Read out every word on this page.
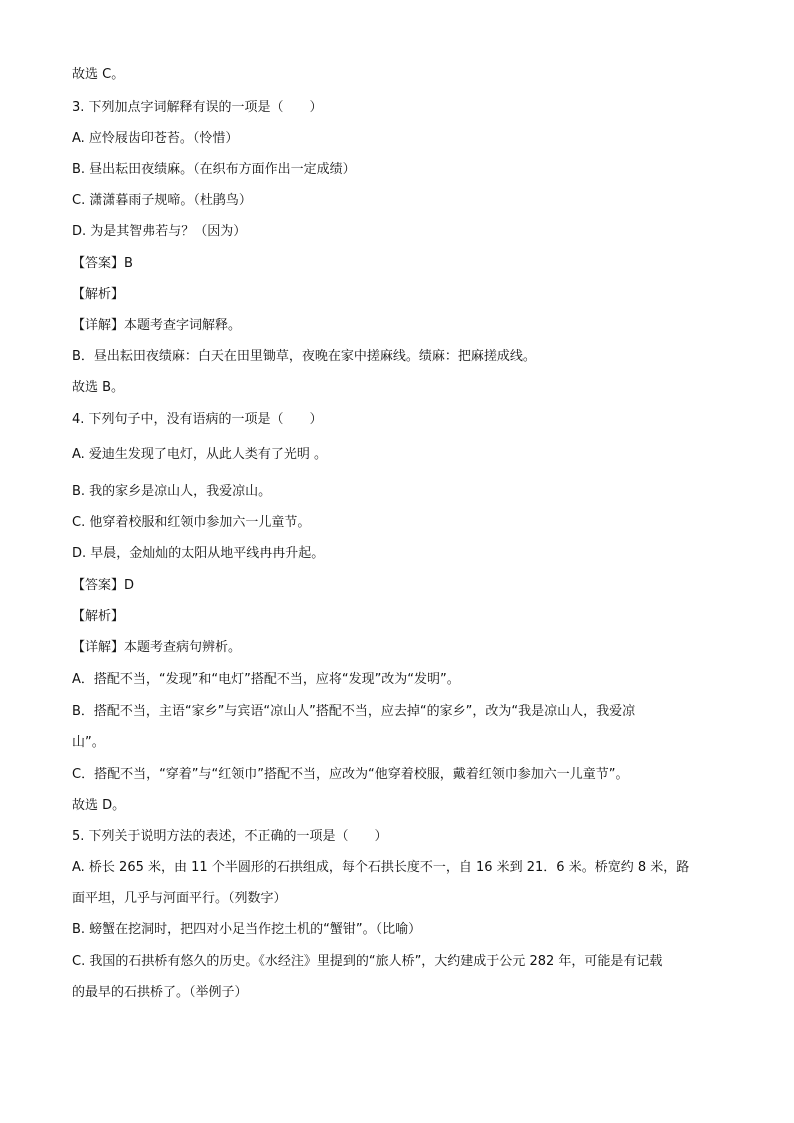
故选 C。
3. 下列加点字词解释有误的一项是（　　）
A. 应怜屐齿印苍苔。（怜惜）
B. 昼出耘田夜绩麻。（在织布方面作出一定成绩）
C. 潇潇暮雨子规啼。（杜鹃鸟）
D. 为是其智弗若与？（因为）
【答案】B
【解析】
【详解】本题考查字词解释。
B．昼出耘田夜绩麻：白天在田里锄草，夜晚在家中搓麻线。绩麻：把麻搓成线。
故选 B。
4. 下列句子中，没有语病的一项是（　　）
A. 爱迪生发现了电灯，从此人类有了光明 。
B. 我的家乡是凉山人，我爱凉山。
C. 他穿着校服和红领巾参加六一儿童节。
D. 早晨，金灿灿的太阳从地平线冉冉升起。
【答案】D
【解析】
【详解】本题考查病句辨析。
A．搭配不当，“发现”和“电灯”搭配不当，应将“发现”改为“发明”。
B．搭配不当，主语“家乡”与宾语“凉山人”搭配不当，应去掉“的家乡”，改为“我是凉山人，我爱凉
山”。
C．搭配不当，“穿着”与“红领巾”搭配不当，应改为“他穿着校服，戴着红领巾参加六一儿童节”。
故选 D。
5. 下列关于说明方法的表述，不正确的一项是（　　）
A. 桥长 265 米，由 11 个半圆形的石拱组成，每个石拱长度不一，自 16 米到 21．6 米。桥宽约 8 米，路
面平坦，几乎与河面平行。（列数字）
B. 螃蟹在挖洞时，把四对小足当作挖土机的“蟹钳”。（比喻）
C. 我国的石拱桥有悠久的历史。《水经注》里提到的“旅人桥”，大约建成于公元 282 年，可能是有记载
的最早的石拱桥了。（举例子）
